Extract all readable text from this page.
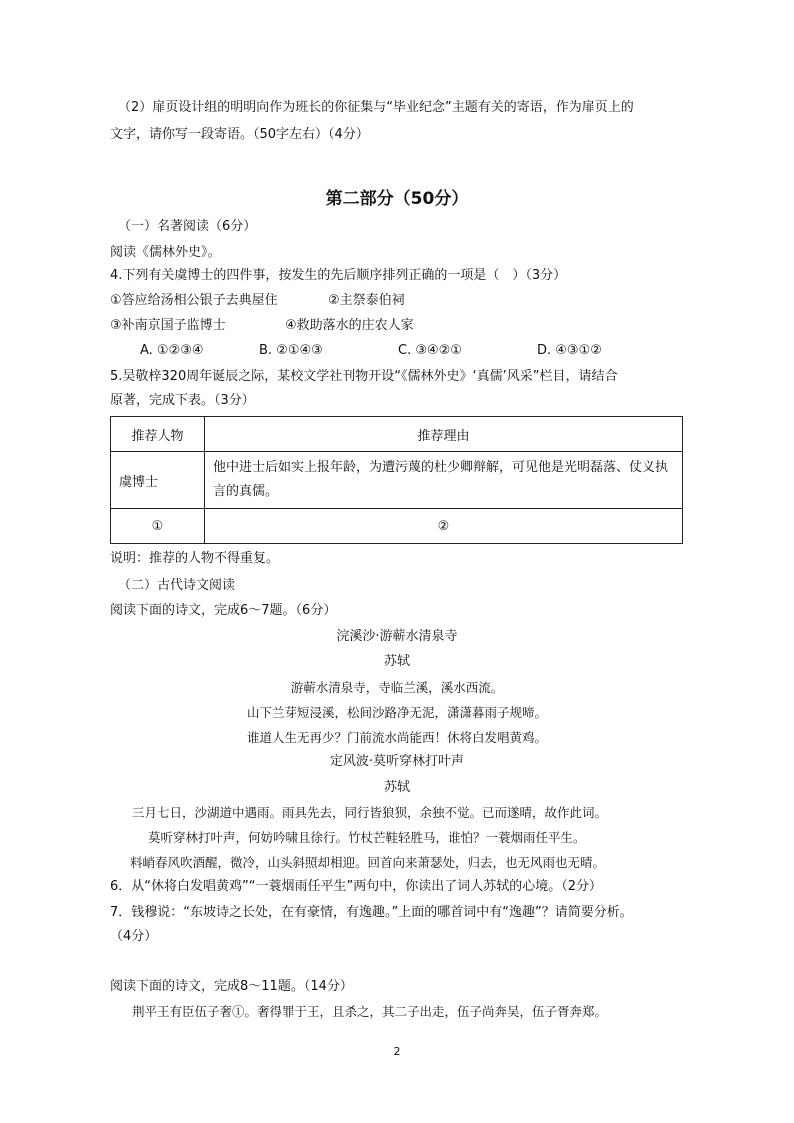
（2）扉页设计组的明明向作为班长的你征集与“毕业纪念”主题有关的寄语，作为扉页上的
文字，请你写一段寄语。（50字左右）（4分）
第二部分（50分）
（一）名著阅读（6分）
阅读《儒林外史》。
4.下列有关虞博士的四件事，按发生的先后顺序排列正确的一项是（　）（3分）
①答应给汤相公银子去典屋住	②主祭泰伯祠
③补南京国子监博士	④救助落水的庄农人家
A. ①②③④	B. ②①④③	C. ③④②①	D. ④③①②
5.吴敬梓320周年诞辰之际，某校文学社刊物开设“《儒林外史》‘真儒’风采”栏目，请结合
原著，完成下表。（3分）
推荐人物	推荐理由
虞博士	他中进士后如实上报年龄，为遭污蔑的杜少卿辩解，可见他是光明磊落、仗义执言的真儒。
①	②
说明：推荐的人物不得重复。
（二）古代诗文阅读
阅读下面的诗文，完成6～7题。（6分）
浣溪沙·游蕲水清泉寺
苏轼
游蕲水清泉寺，寺临兰溪，溪水西流。
山下兰芽短浸溪，松间沙路净无泥，潇潇暮雨子规啼。
谁道人生无再少？门前流水尚能西！休将白发唱黄鸡。
定风波·莫听穿林打叶声
苏轼
三月七日，沙湖道中遇雨。雨具先去，同行皆狼狈，余独不觉。已而遂晴，故作此词。
莫听穿林打叶声，何妨吟啸且徐行。竹杖芒鞋轻胜马，谁怕？一蓑烟雨任平生。
料峭春风吹酒醒，微冷，山头斜照却相迎。回首向来萧瑟处，归去，也无风雨也无晴。
6．从“休将白发唱黄鸡”“一蓑烟雨任平生”两句中，你读出了词人苏轼的心境。（2分）
7．钱穆说：“东坡诗之长处，在有豪情，有逸趣。”上面的哪首词中有“逸趣”？请简要分析。
（4分）
阅读下面的诗文，完成8～11题。（14分）
荆平王有臣伍子奢①。奢得罪于王，且杀之，其二子出走，伍子尚奔吴，伍子胥奔郑。
2
